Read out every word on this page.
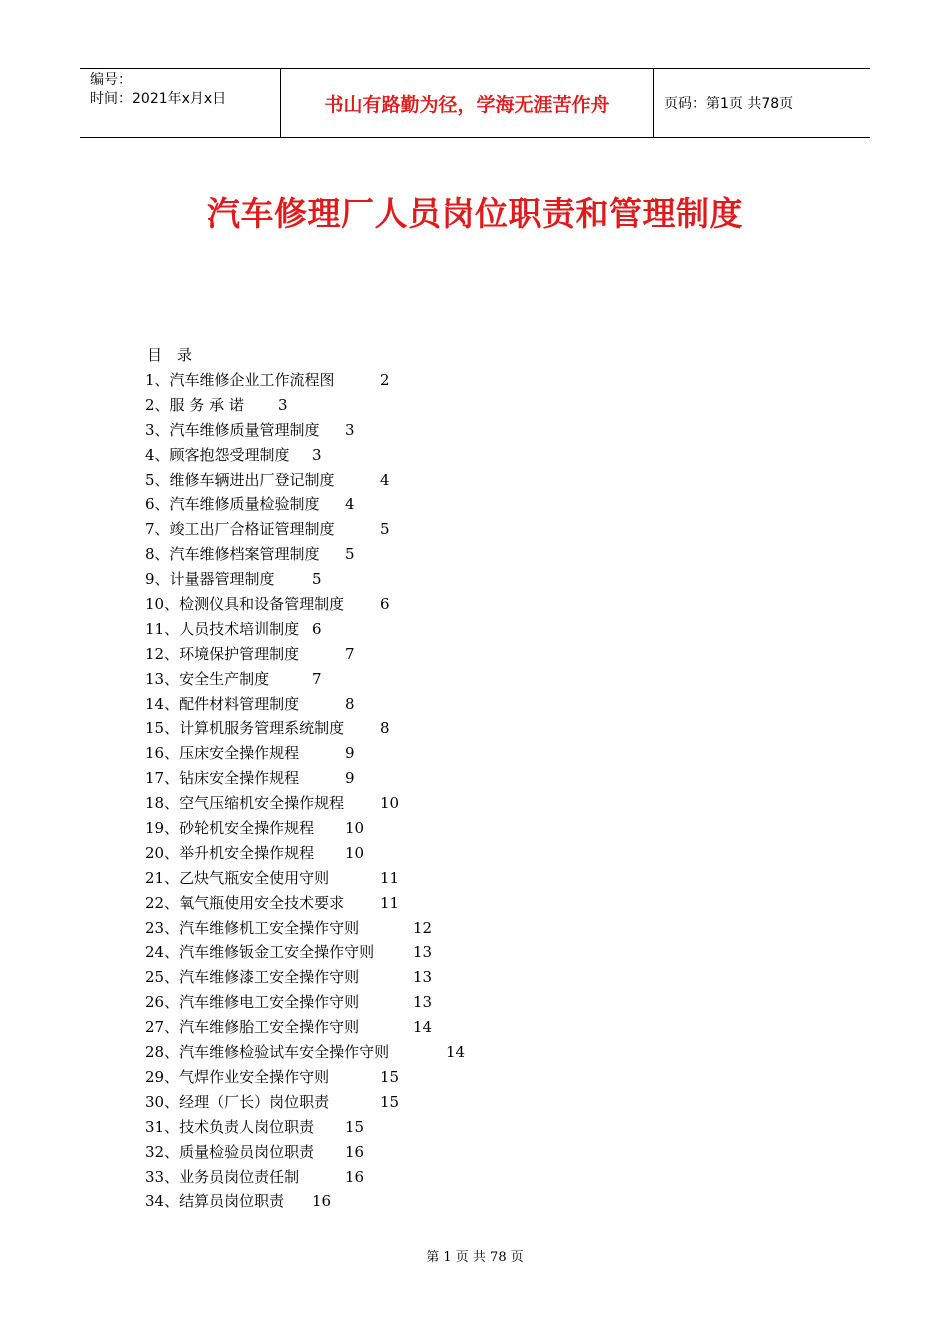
编号：
时间：2021年x月x日	书山有路勤为径，学海无涯苦作舟	页码：第1页 共78页
汽车修理厂人员岗位职责和管理制度
目　录
1、汽车维修企业工作流程图	2
2、服 务 承 诺 3
3、汽车维修质量管理制度 3
4、顾客抱怨受理制度 3
5、维修车辆进出厂登记制度	4
6、汽车维修质量检验制度 4
7、竣工出厂合格证管理制度	5
8、汽车维修档案管理制度 5
9、计量器管理制度 5
10、检测仪具和设备管理制度 6
11、人员技术培训制度 6
12、环境保护管理制度	7
13、安全生产制度	7
14、配件材料管理制度	8
15、计算机服务管理系统制度 8
16、压床安全操作规程	9
17、钻床安全操作规程	9
18、空气压缩机安全操作规程 10
19、砂轮机安全操作规程 10
20、举升机安全操作规程 10
21、乙炔气瓶安全使用守则	11
22、氧气瓶使用安全技术要求 11
23、汽车维修机工安全操作守则	12
24、汽车维修钣金工安全操作守则	13
25、汽车维修漆工安全操作守则	13
26、汽车维修电工安全操作守则	13
27、汽车维修胎工安全操作守则	14
28、汽车维修检验试车安全操作守则	14
29、气焊作业安全操作守则	15
30、经理（厂长）岗位职责	15
31、技术负责人岗位职责 15
32、质量检验员岗位职责 16
33、业务员岗位责任制	16
34、结算员岗位职责 16
第 1 页 共 78 页
